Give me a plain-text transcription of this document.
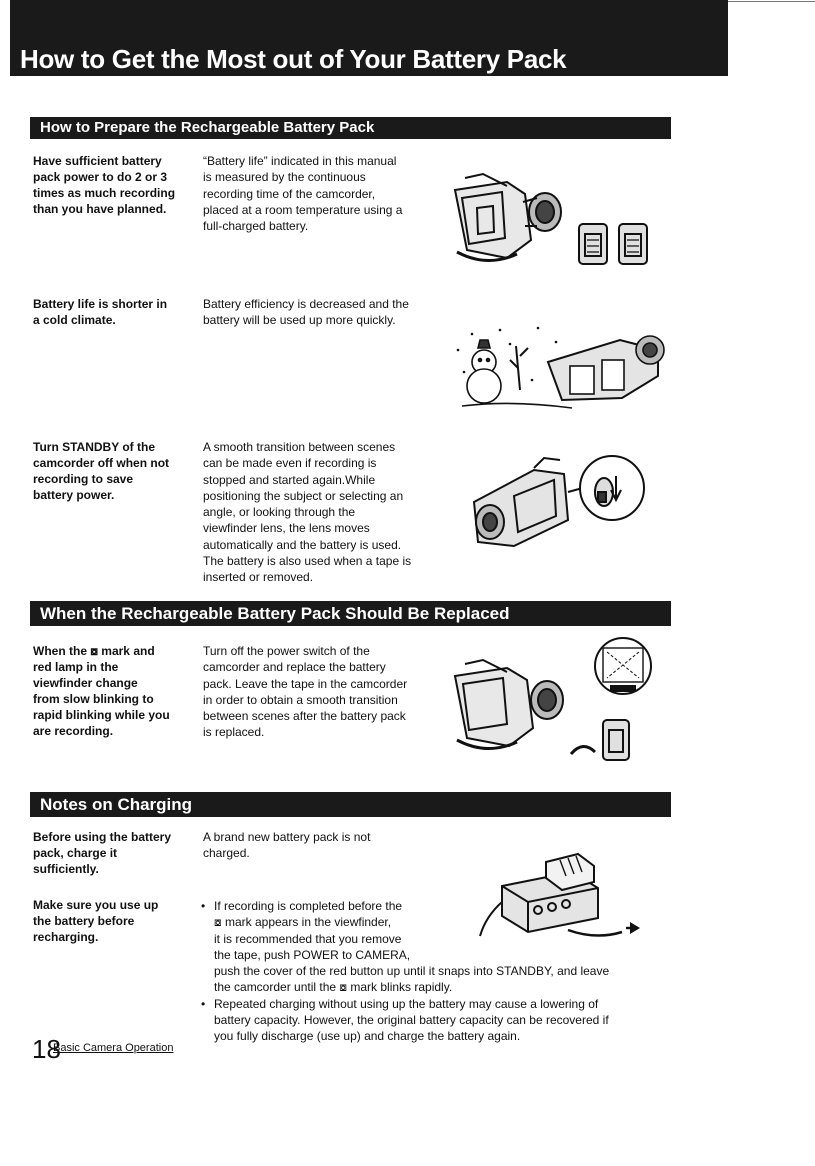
How to Get the Most out of Your Battery Pack
How to Prepare the Rechargeable Battery Pack
Have sufficient battery
pack power to do 2 or 3
times as much recording
than you have planned.
“Battery life” indicated in this manual
is measured by the continuous
recording time of the camcorder,
placed at a room temperature using a
full-charged battery.
Battery life is shorter in
a cold climate.
Battery efficiency is decreased and the
battery will be used up more quickly.
Turn STANDBY of the
camcorder off when not
recording to save
battery power.
A smooth transition between scenes
can be made even if recording is
stopped and started again.While
positioning the subject or selecting an
angle, or looking through the
viewfinder lens, the lens moves
automatically and the battery is used.
The battery is also used when a tape is
inserted or removed.
When the Rechargeable Battery Pack Should Be Replaced
When the ⧇ mark and
red lamp in the
viewfinder change
from slow blinking to
rapid blinking while you
are recording.
Turn off the power switch of the
camcorder and replace the battery
pack. Leave the tape in the camcorder
in order to obtain a smooth transition
between scenes after the battery pack
is replaced.
Notes on Charging
Before using the battery
pack, charge it
sufficiently.
A brand new battery pack is not
charged.
Make sure you use up
the battery before
recharging.
• If recording is completed before the
⧇ mark appears in the viewfinder,
it is recommended that you remove
the tape, push POWER to CAMERA,
push the cover of the red button up until it snaps into STANDBY, and leave
the camcorder until the ⧇ mark blinks rapidly.
• Repeated charging without using up the battery may cause a lowering of
battery capacity. However, the original battery capacity can be recovered if
you fully discharge (use up) and charge the battery again.
18
Basic Camera Operation
